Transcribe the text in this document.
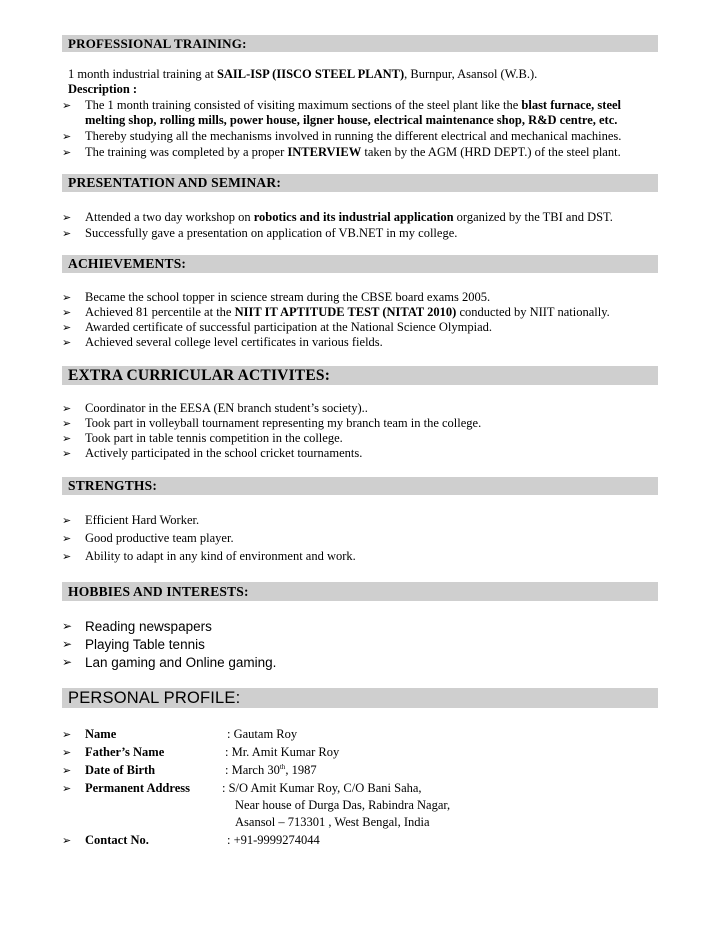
PROFESSIONAL TRAINING:
1 month industrial training at SAIL-ISP (IISCO STEEL PLANT), Burnpur, Asansol (W.B.).
Description :
➢	The 1 month training consisted of visiting maximum sections of the steel plant like the blast furnace, steel
melting shop, rolling mills, power house, ilgner house, electrical maintenance shop, R&D centre, etc.
➢	Thereby studying all the mechanisms involved in running the different electrical and mechanical machines.
➢	The training was completed by a proper INTERVIEW taken by the AGM (HRD DEPT.) of the steel plant.
PRESENTATION AND SEMINAR:
➢	Attended a two day workshop on robotics and its industrial application organized by the TBI and DST.
➢	Successfully gave a presentation on application of VB.NET in my college.
ACHIEVEMENTS:
➢	Became the school topper in science stream during the CBSE board exams 2005.
➢	Achieved 81 percentile at the NIIT IT APTITUDE TEST (NITAT 2010) conducted by NIIT nationally.
➢	Awarded certificate of successful participation at the National Science Olympiad.
➢	Achieved several college level certificates in various fields.
EXTRA CURRICULAR ACTIVITES:
➢	Coordinator in the EESA (EN branch student’s society)..
➢	Took part in volleyball tournament representing my branch team in the college.
➢	Took part in table tennis competition in the college.
➢	Actively participated in the school cricket tournaments.
STRENGTHS:
➢	Efficient Hard Worker.
➢	Good productive team player.
➢	Ability to adapt in any kind of environment and work.
HOBBIES AND INTERESTS:
➢ Reading newspapers
➢ Playing Table tennis
➢ Lan gaming and Online gaming.
PERSONAL PROFILE:
➢	Name	: Gautam Roy
➢	Father’s Name	: Mr. Amit Kumar Roy
➢	Date of Birth	: March 30th, 1987
➢	Permanent Address	: S/O Amit Kumar Roy, C/O Bani Saha,
Near house of Durga Das, Rabindra Nagar,
Asansol – 713301 , West Bengal, India
➢	Contact No.	: +91-9999274044
